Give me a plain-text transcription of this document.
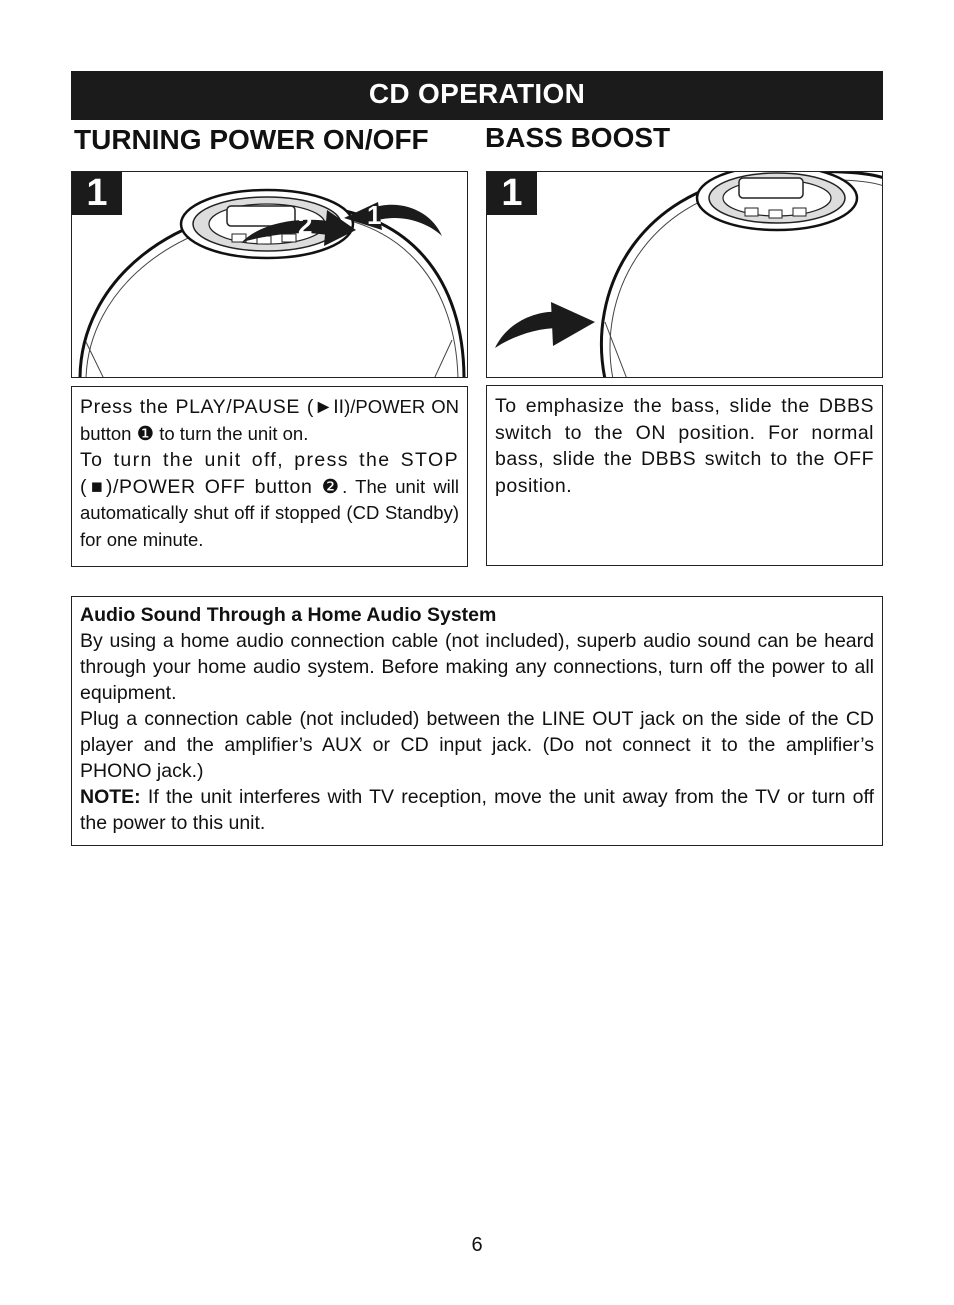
CD OPERATION
TURNING POWER ON/OFF BASS BOOST
1
2 1
1

Press the PLAY/PAUSE (►II)/POWER ON button ❶ to turn the unit on.

To turn the unit off, press the STOP (■)/POWER OFF button ❷. The unit will automatically shut off if stopped (CD Standby) for one minute.

To emphasize the bass, slide the DBBS switch to the ON position. For normal bass, slide the DBBS switch to the OFF position.

Audio Sound Through a Home Audio System

By using a home audio connection cable (not included), superb audio sound can be heard through your home audio system. Before making any connections, turn off the power to all equipment.

Plug a connection cable (not included) between the LINE OUT jack on the side of the CD player and the amplifier’s AUX or CD input jack. (Do not connect it to the amplifier’s PHONO jack.)

NOTE: If the unit interferes with TV reception, move the unit away from the TV or turn off the power to this unit.

6
